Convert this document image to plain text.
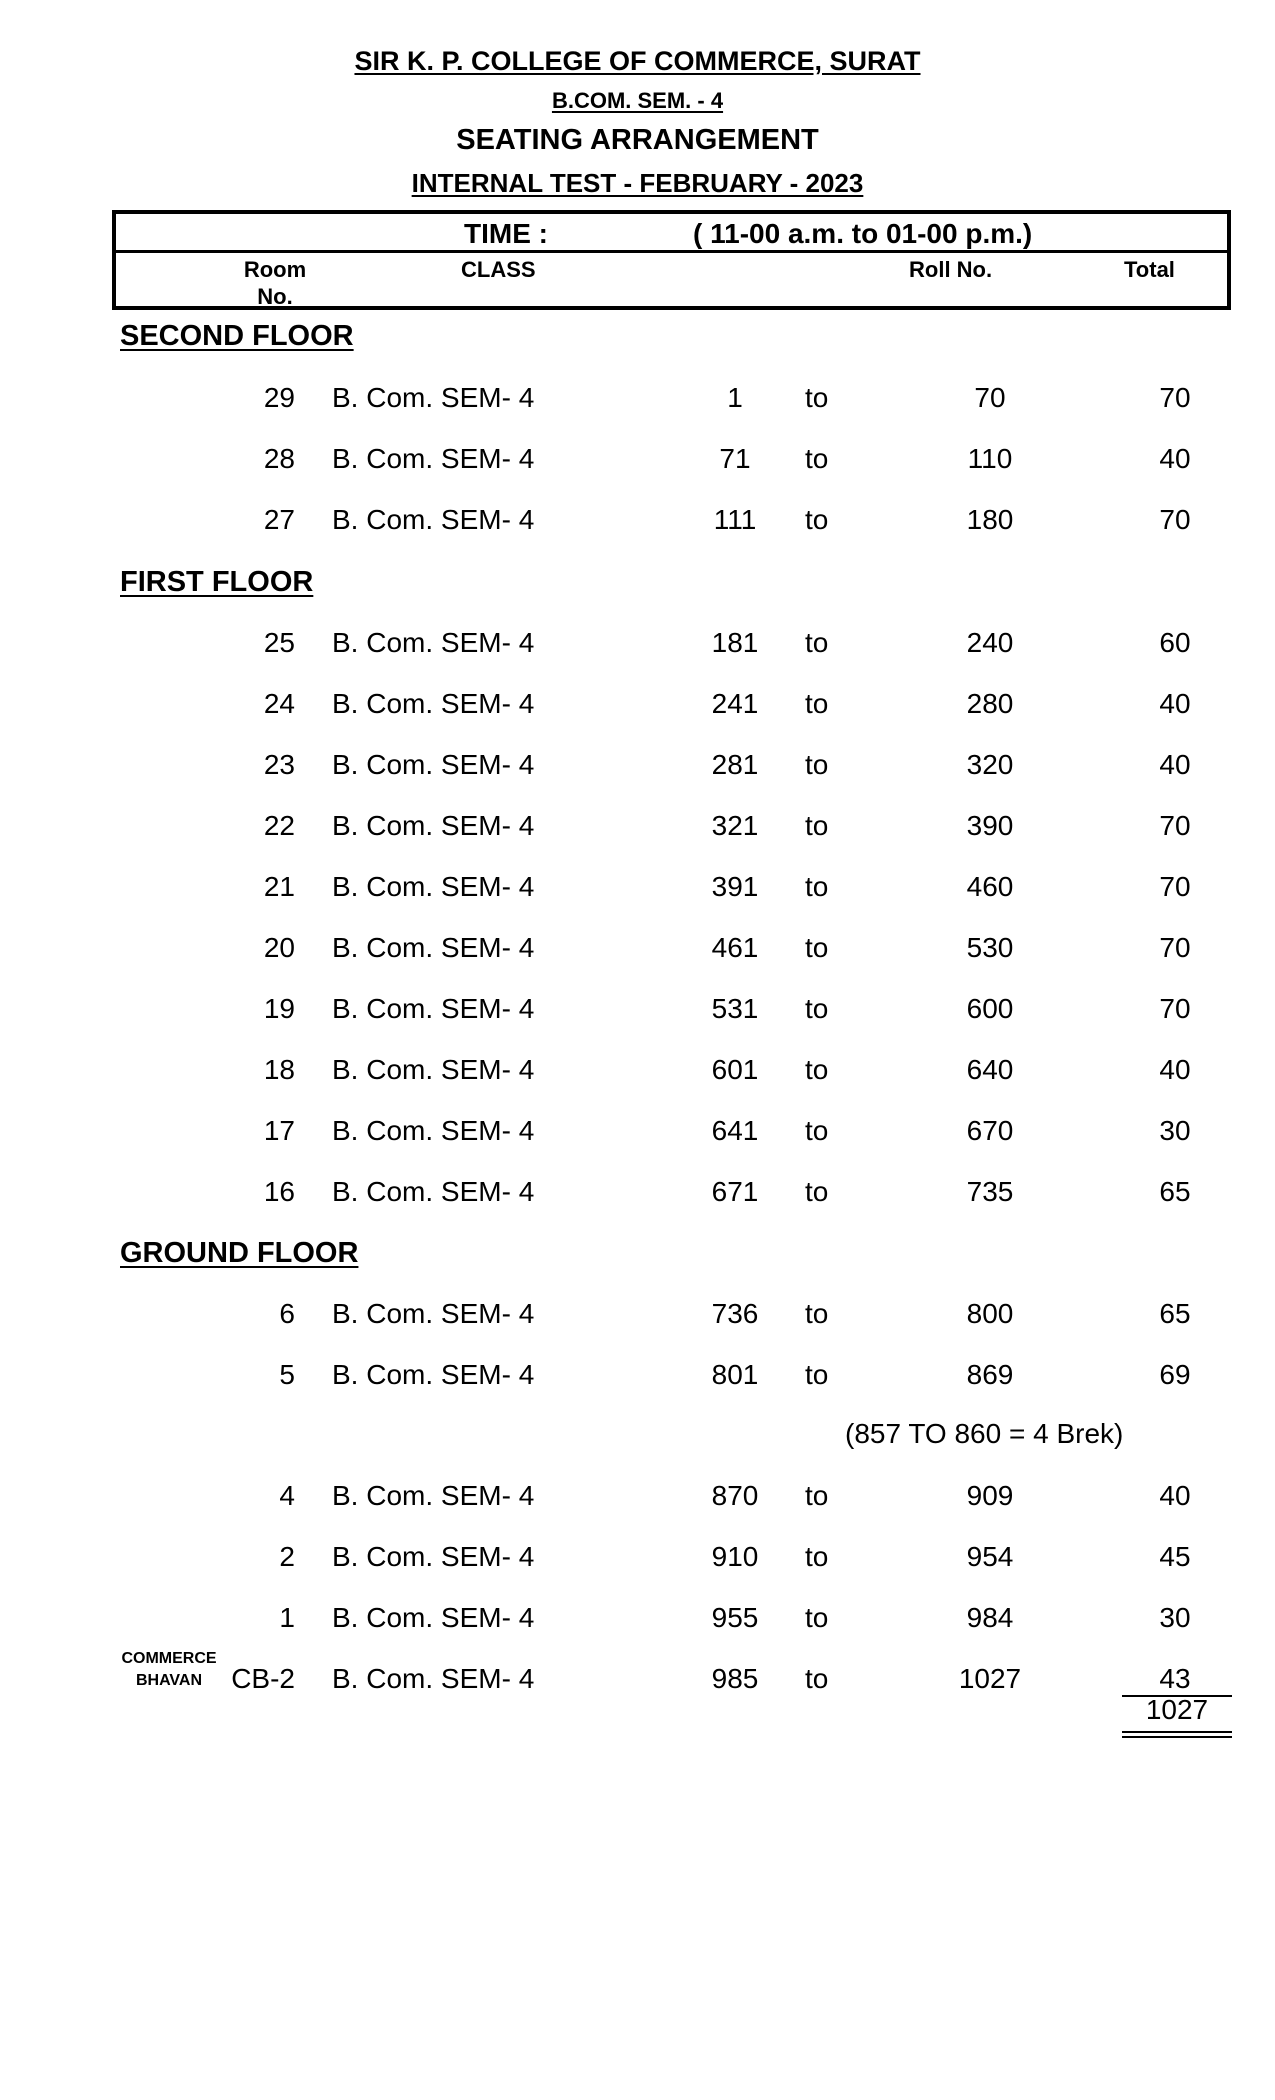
SIR K. P. COLLEGE OF COMMERCE, SURAT
B.COM. SEM. - 4
SEATING ARRANGEMENT
INTERNAL TEST - FEBRUARY - 2023
TIME :	( 11-00 a.m. to 01-00 p.m.)
Room No.
CLASS	Roll No.	Total
SECOND FLOOR
29 B. Com. SEM- 4	1	to	70	70
28 B. Com. SEM- 4	71	to	110	40
27 B. Com. SEM- 4	111	to	180	70
FIRST FLOOR
25 B. Com. SEM- 4	181	to	240	60
24 B. Com. SEM- 4	241	to	280	40
23 B. Com. SEM- 4	281	to	320	40
22 B. Com. SEM- 4	321	to	390	70
21 B. Com. SEM- 4	391	to	460	70
20 B. Com. SEM- 4	461	to	530	70
19 B. Com. SEM- 4	531	to	600	70
18 B. Com. SEM- 4	601	to	640	40
17 B. Com. SEM- 4	641	to	670	30
16 B. Com. SEM- 4	671	to	735	65
GROUND FLOOR
6 B. Com. SEM- 4	736	to	800	65
5 B. Com. SEM- 4	801	to	869	69
(857 TO 860 = 4 Brek)
4 B. Com. SEM- 4	870	to	909	40
2 B. Com. SEM- 4	910	to	954	45
1 B. Com. SEM- 4	955	to	984	30
COMMERCE BHAVAN	CB-2 B. Com. SEM- 4	985	to	1027	43
1027
